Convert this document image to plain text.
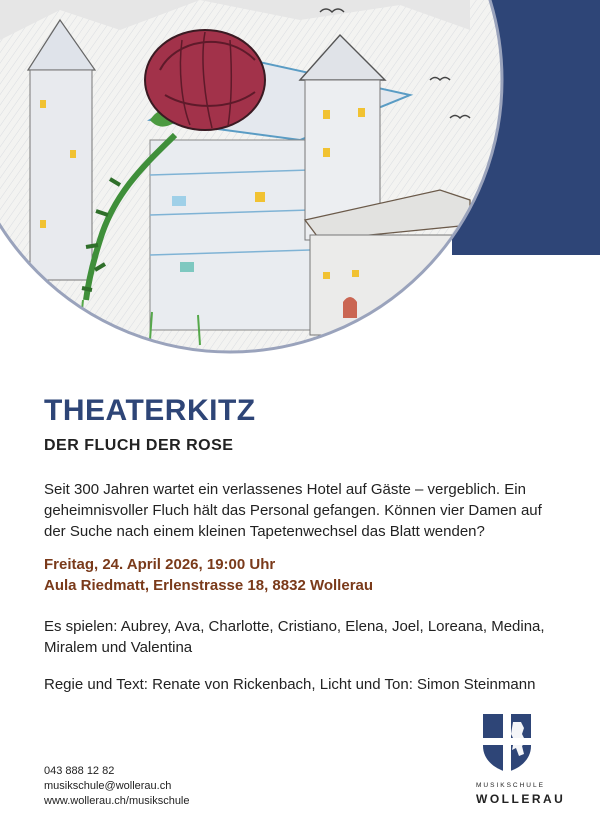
THEATERKITZ
DER FLUCH DER ROSE

Seit 300 Jahren wartet ein verlassenes Hotel auf Gäste – vergeblich. Ein geheimnisvoller Fluch hält das Personal gefangen. Können vier Damen auf der Suche nach einem kleinen Tapetenwechsel das Blatt wenden?

Freitag, 24. April 2026, 19:00 Uhr

Aula Riedmatt, Erlenstrasse 18, 8832 Wollerau

Es spielen: Aubrey, Ava, Charlotte, Cristiano, Elena, Joel, Loreana, Medina, Miralem und Valentina

Regie und Text: Renate von Rickenbach, Licht und Ton: Simon Steinmann

043 888 12 82
musikschule@wollerau.ch
www.wollerau.ch/musikschule
MUSIKSCHULE
WOLLERAU
